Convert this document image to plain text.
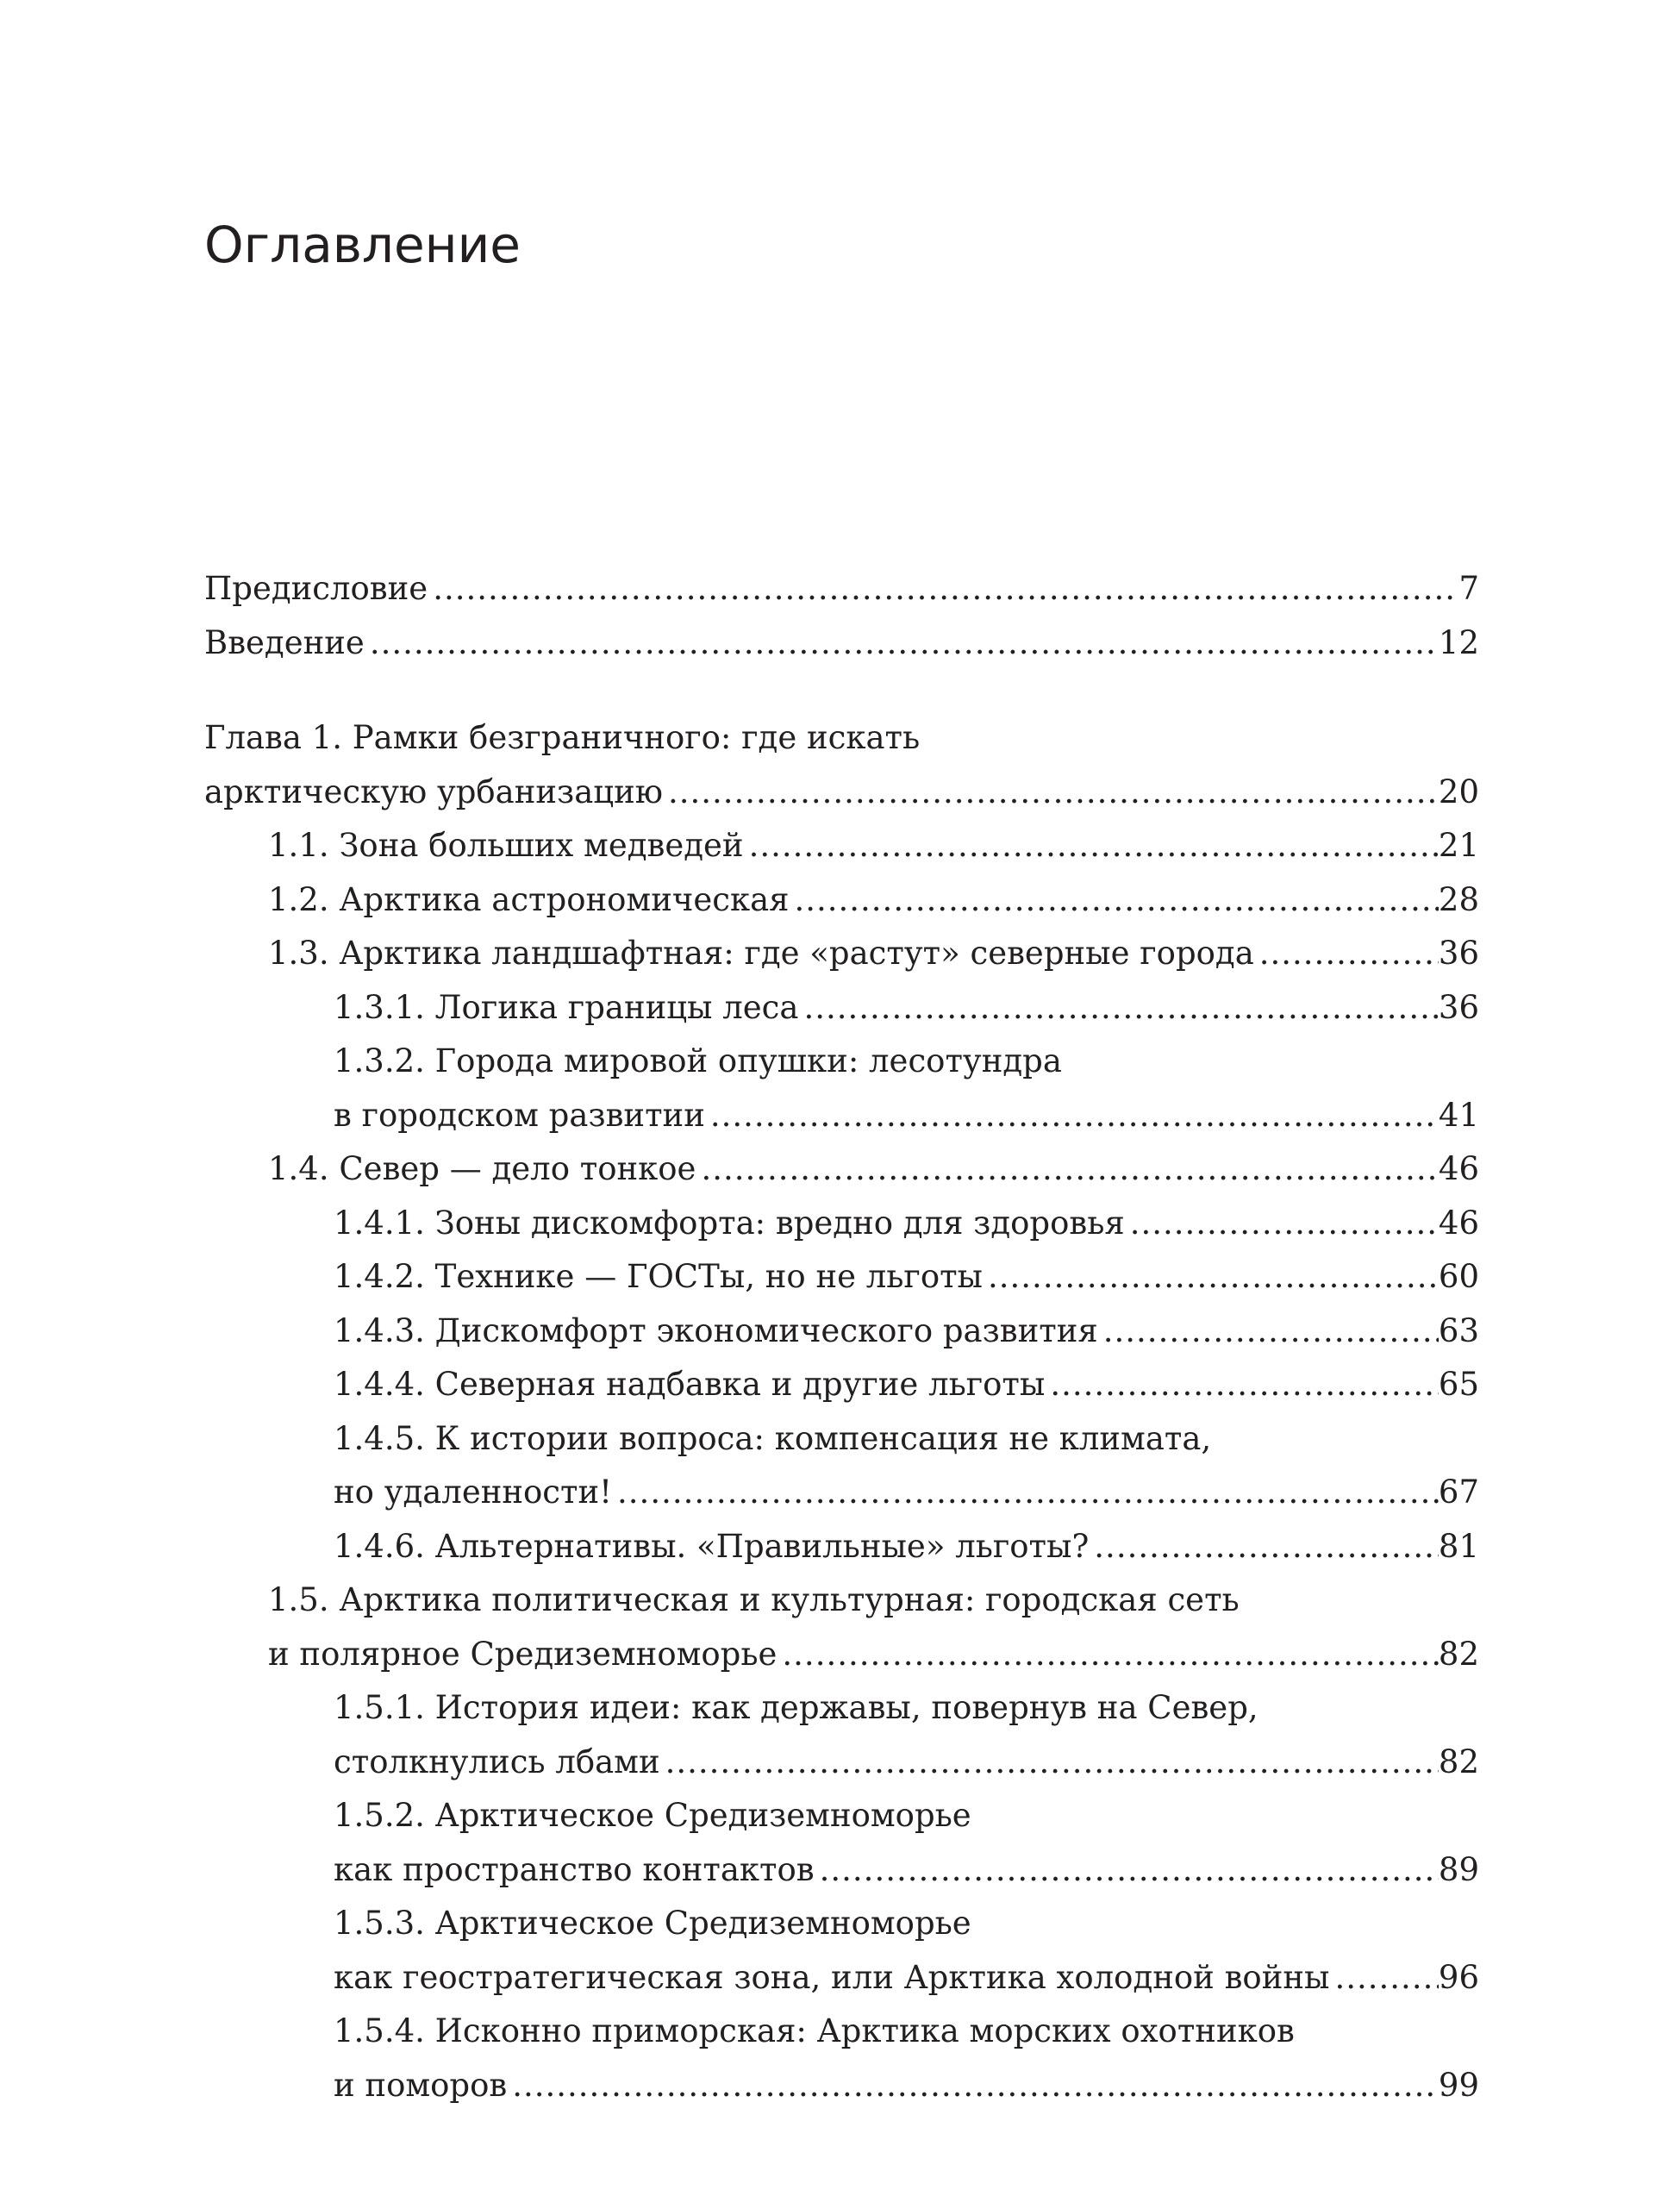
Оглавление
Предисловие .....	7
Введение .....	12
Глава 1. Рамки безграничного: где искать
арктическую урбанизацию .....	20
1.1. Зона больших медведей .....	21
1.2. Арктика астрономическая .....	28
1.3. Арктика ландшафтная: где «растут» северные города .....	36
1.3.1. Логика границы леса .....	36
1.3.2. Города мировой опушки: лесотундра
в городском развитии .....	41
1.4. Север — дело тонкое .....	46
1.4.1. Зоны дискомфорта: вредно для здоровья .....	46
1.4.2. Технике — ГОСТы, но не льготы .....	60
1.4.3. Дискомфорт экономического развития .....	63
1.4.4. Северная надбавка и другие льготы .....	65
1.4.5. К истории вопроса: компенсация не климата,
но удаленности! .....	67
1.4.6. Альтернативы. «Правильные» льготы? .....	81
1.5. Арктика политическая и культурная: городская сеть
и полярное Средиземноморье .....	82
1.5.1. История идеи: как державы, повернув на Север,
столкнулись лбами .....	82
1.5.2. Арктическое Средиземноморье
как пространство контактов .....	89
1.5.3. Арктическое Средиземноморье
как геостратегическая зона, или Арктика холодной войны .....	96
1.5.4. Исконно приморская: Арктика морских охотников
и поморов .....	99
